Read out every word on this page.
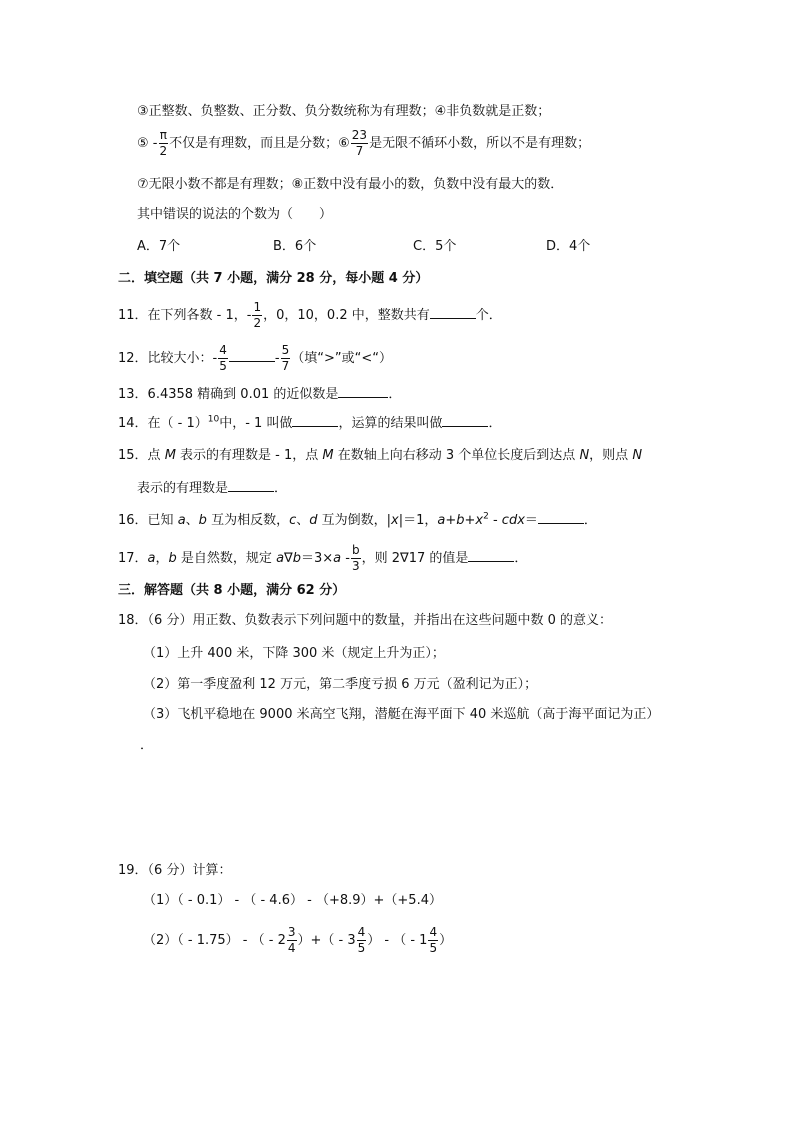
③正整数、负整数、正分数、负分数统称为有理数；④非负数就是正数；
⑤ - $\frac{\pi}{2}$ 不仅是有理数，而且是分数；⑥ $\frac{23}{7}$ 是无限不循环小数，所以不是有理数；
⑦无限小数不都是有理数；⑧正数中没有最小的数，负数中没有最大的数．
其中错误的说法的个数为（　　）
A．7个	B．6个	C．5个	D．4个
二．填空题（共 7 小题，满分 28 分，每小题 4 分）
11．在下列各数 - 1，- $\frac{1}{2}$ ，0，10，0.2 中，整数共有	个．
12．比较大小：- $\frac{4}{5}$	- $\frac{5}{7}$ （填“>”或“<“）
13．6.4358 精确到 0.01 的近似数是	．
14．在（ - 1）$^{10}$中，- 1 叫做	，运算的结果叫做	．
15．点 M 表示的有理数是 - 1，点 M 在数轴上向右移动 3 个单位长度后到达点 N，则点 N
表示的有理数是	．
16．已知 a、b 互为相反数，c、d 互为倒数，|x|＝1，$a+b+x^2 - cdx=$	．
17．a，b 是自然数，规定 $a\nabla b=3\times a - \frac{b}{3}$ ，则 2∇17 的值是	．
三．解答题（共 8 小题，满分 62 分）
18．（6 分）用正数、负数表示下列问题中的数量，并指出在这些问题中数 0 的意义：
（1）上升 400 米，下降 300 米（规定上升为正）；
（2）第一季度盈利 12 万元，第二季度亏损 6 万元（盈利记为正）；
（3）飞机平稳地在 9000 米高空飞翔，潜艇在海平面下 40 米巡航（高于海平面记为正）
．
19．（6 分）计算：
（1）（ - 0.1） - （ - 4.6） - （+8.9）+（+5.4）
（2）（ - 1.75） - （ - $2 \frac{3}{4}$ ）+（ - $3 \frac{4}{5}$ ） - （ - $1 \frac{4}{5}$ ）
